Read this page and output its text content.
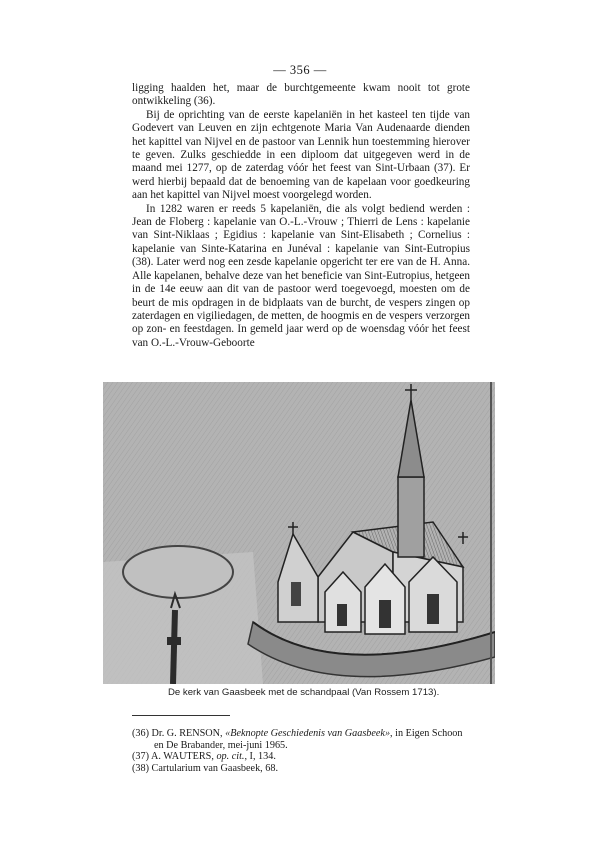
— 356 —

ligging haalden het, maar de burchtgemeente kwam nooit tot grote ontwikkeling (36).

Bij de oprichting van de eerste kapelaniën in het kasteel ten tijde van Godevert van Leuven en zijn echtgenote Maria Van Audenaarde dienden het kapittel van Nijvel en de pastoor van Lennik hun toestemming hierover te geven. Zulks geschiedde in een diploom dat uitgegeven werd in de maand mei 1277, op de zaterdag vóór het feest van Sint-Urbaan (37). Er werd hierbij bepaald dat de benoeming van de kapelaan voor goedkeuring aan het kapittel van Nijvel moest voorgelegd worden.

In 1282 waren er reeds 5 kapelaniën, die als volgt bediend werden : Jean de Floberg : kapelanie van O.-L.-Vrouw ; Thierri de Lens : kapelanie van Sint-Niklaas ; Egidius : kapelanie van Sint-Elisabeth ; Cornelius : kapelanie van Sinte-Katarina en Junéval : kapelanie van Sint-Eutropius (38). Later werd nog een zesde kapelanie opgericht ter ere van de H. Anna. Alle kapelanen, behalve deze van het beneficie van Sint-Eutropius, hetgeen in de 14e eeuw aan dit van de pastoor werd toegevoegd, moesten om de beurt de mis opdragen in de bidplaats van de burcht, de vespers zingen op zaterdagen en vigiliedagen, de metten, de hoogmis en de vespers verzorgen op zon- en feestdagen. In gemeld jaar werd op de woensdag vóór het feest van O.-L.-Vrouw-Geboorte

De kerk van Gaasbeek met de schandpaal (Van Rossem 1713).

(36) Dr. G. RENSON, «Beknopte Geschiedenis van Gaasbeek», in Eigen Schoon en De Brabander, mei-juni 1965.

(37) A. WAUTERS, op. cit., I, 134.

(38) Cartularium van Gaasbeek, 68.
